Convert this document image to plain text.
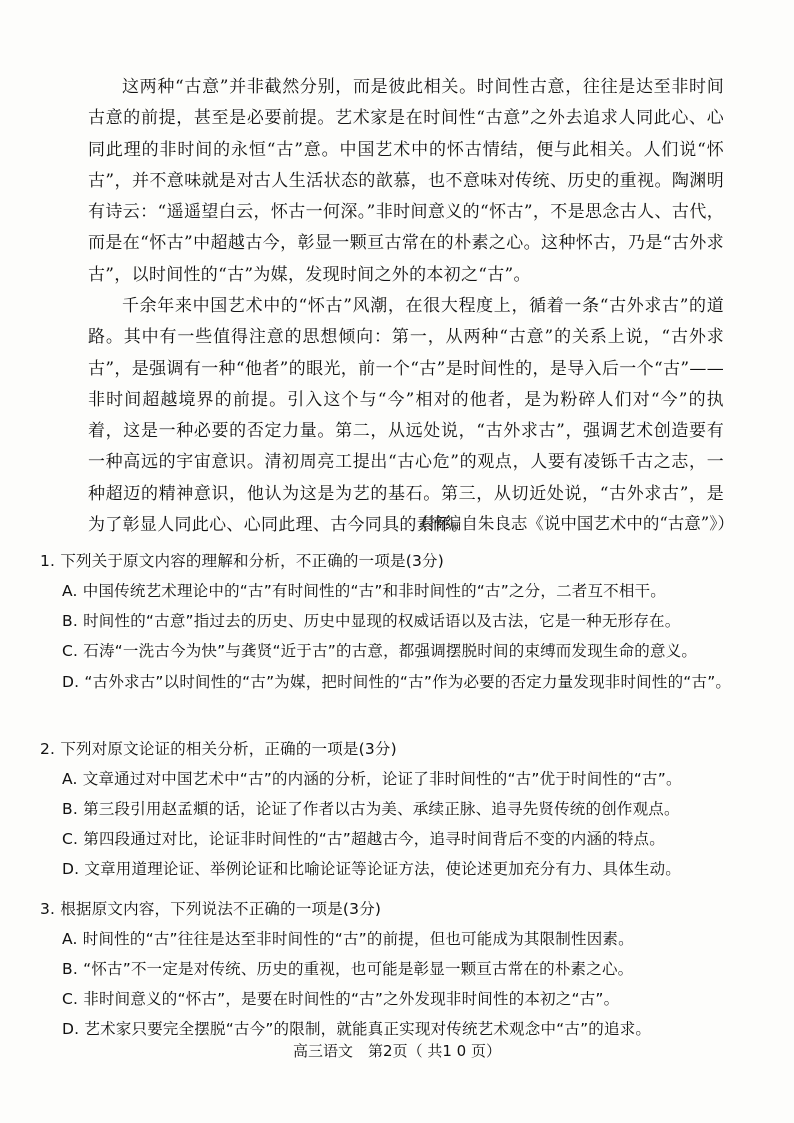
这两种“古意”并非截然分别，而是彼此相关。时间性古意，往往是达至非时间古意的前提，甚至是必要前提。艺术家是在时间性“古意”之外去追求人同此心、心同此理的非时间的永恒“古”意。中国艺术中的怀古情结，便与此相关。人们说“怀古”，并不意味就是对古人生活状态的歆慕，也不意味对传统、历史的重视。陶渊明有诗云：“遥遥望白云，怀古一何深。”非时间意义的“怀古”，不是思念古人、古代，而是在“怀古”中超越古今，彰显一颗亘古常在的朴素之心。这种怀古，乃是“古外求古”，以时间性的“古”为媒，发现时间之外的本初之“古”。
千余年来中国艺术中的“怀古”风潮，在很大程度上，循着一条“古外求古”的道路。其中有一些值得注意的思想倾向：第一，从两种“古意”的关系上说，“古外求古”，是强调有一种“他者”的眼光，前一个“古”是时间性的，是导入后一个“古”——非时间超越境界的前提。引入这个与“今”相对的他者，是为粉碎人们对“今”的执着，这是一种必要的否定力量。第二，从远处说，“古外求古”，强调艺术创造要有一种高远的宇宙意识。清初周亮工提出“古心危”的观点，人要有凌铄千古之志，一种超迈的精神意识，他认为这是为艺的基石。第三，从切近处说，“古外求古”，是为了彰显人同此心、心同此理、古今同具的素怀。
（摘编自朱良志《说中国艺术中的“古意”》）
1. 下列关于原文内容的理解和分析，不正确的一项是(3分)
A. 中国传统艺术理论中的“古”有时间性的“古”和非时间性的“古”之分，二者互不相干。
B. 时间性的“古意”指过去的历史、历史中显现的权威话语以及古法，它是一种无形存在。
C. 石涛“一洗古今为快”与龚贤“近于古”的古意，都强调摆脱时间的束缚而发现生命的意义。
D. “古外求古”以时间性的“古”为媒，把时间性的“古”作为必要的否定力量发现非时间性的“古”。
2. 下列对原文论证的相关分析，正确的一项是(3分)
A. 文章通过对中国艺术中“古”的内涵的分析，论证了非时间性的“古”优于时间性的“古”。
B. 第三段引用赵孟頫的话，论证了作者以古为美、承续正脉、追寻先贤传统的创作观点。
C. 第四段通过对比，论证非时间性的“古”超越古今，追寻时间背后不变的内涵的特点。
D. 文章用道理论证、举例论证和比喻论证等论证方法，使论述更加充分有力、具体生动。
3. 根据原文内容，下列说法不正确的一项是(3分)
A. 时间性的“古”往往是达至非时间性的“古”的前提，但也可能成为其限制性因素。
B. “怀古”不一定是对传统、历史的重视，也可能是彰显一颗亘古常在的朴素之心。
C. 非时间意义的“怀古”，是要在时间性的“古”之外发现非时间性的本初之“古”。
D. 艺术家只要完全摆脱“古今”的限制，就能真正实现对传统艺术观念中“古”的追求。
高三语文　第2页（ 共1 0 页）
